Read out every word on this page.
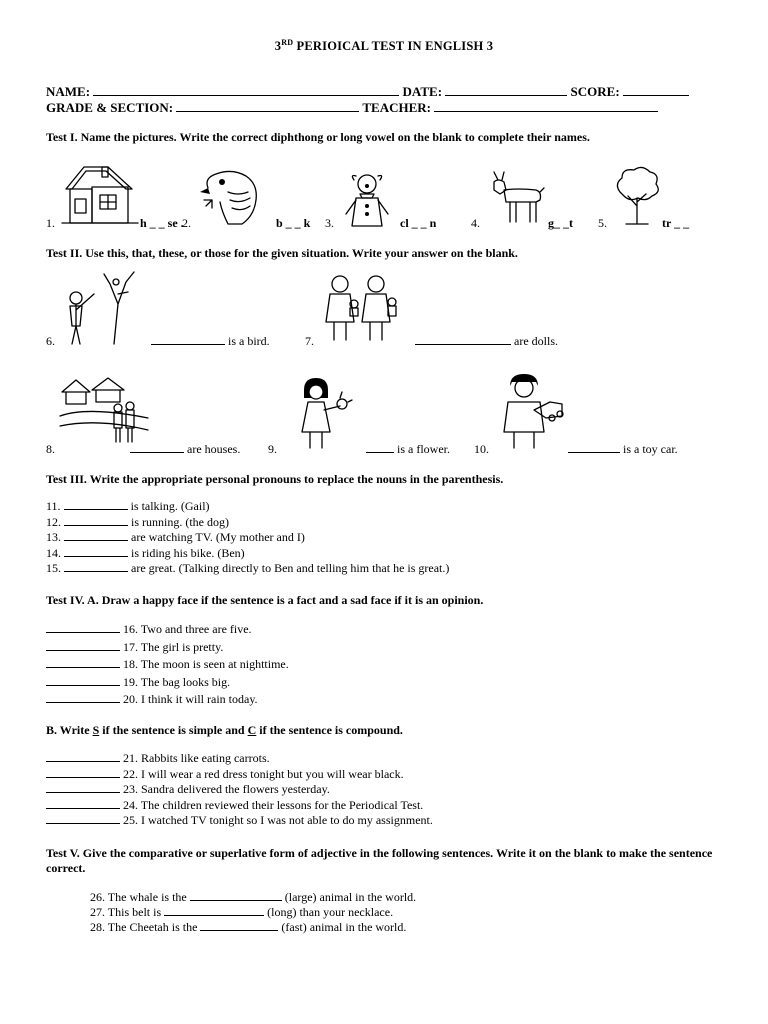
3RD PERIOICAL TEST IN ENGLISH 3
NAME:	DATE:	SCORE:
GRADE & SECTION:	TEACHER:
Test I. Name the pictures. Write the correct diphthong or long vowel on the blank to complete their names.
1.	h _ _ se .
2.	b _ _ k 3.	cl _ _ n	4.	g_ _t 5.	tr _ _
Test II. Use this, that, these, or those for the given situation. Write your answer on the blank.
6.	is a bird.	7.	are dolls.
8.	are houses. 9.	is a flower. 10.	is a toy car.
Test III. Write the appropriate personal pronouns to replace the nouns in the parenthesis.
11.	is talking. (Gail)
12.	is running. (the dog)
13.	are watching TV. (My mother and I)
14.	is riding his bike. (Ben)
15.	are great. (Talking directly to Ben and telling him that he is great.)
Test IV. A. Draw a happy face if the sentence is a fact and a sad face if it is an opinion.
16. Two and three are five.
17. The girl is pretty.
18. The moon is seen at nighttime.
19. The bag looks big.
20. I think it will rain today.
B. Write S if the sentence is simple and C if the sentence is compound.
21. Rabbits like eating carrots.
22. I will wear a red dress tonight but you will wear black.
23. Sandra delivered the flowers yesterday.
24. The children reviewed their lessons for the Periodical Test.
25. I watched TV tonight so I was not able to do my assignment.
Test V. Give the comparative or superlative form of adjective in the following sentences. Write it on the blank to make the sentence correct.
26. The whale is the	(large) animal in the world.
27. This belt is	(long) than your necklace.
28. The Cheetah is the	(fast) animal in the world.
